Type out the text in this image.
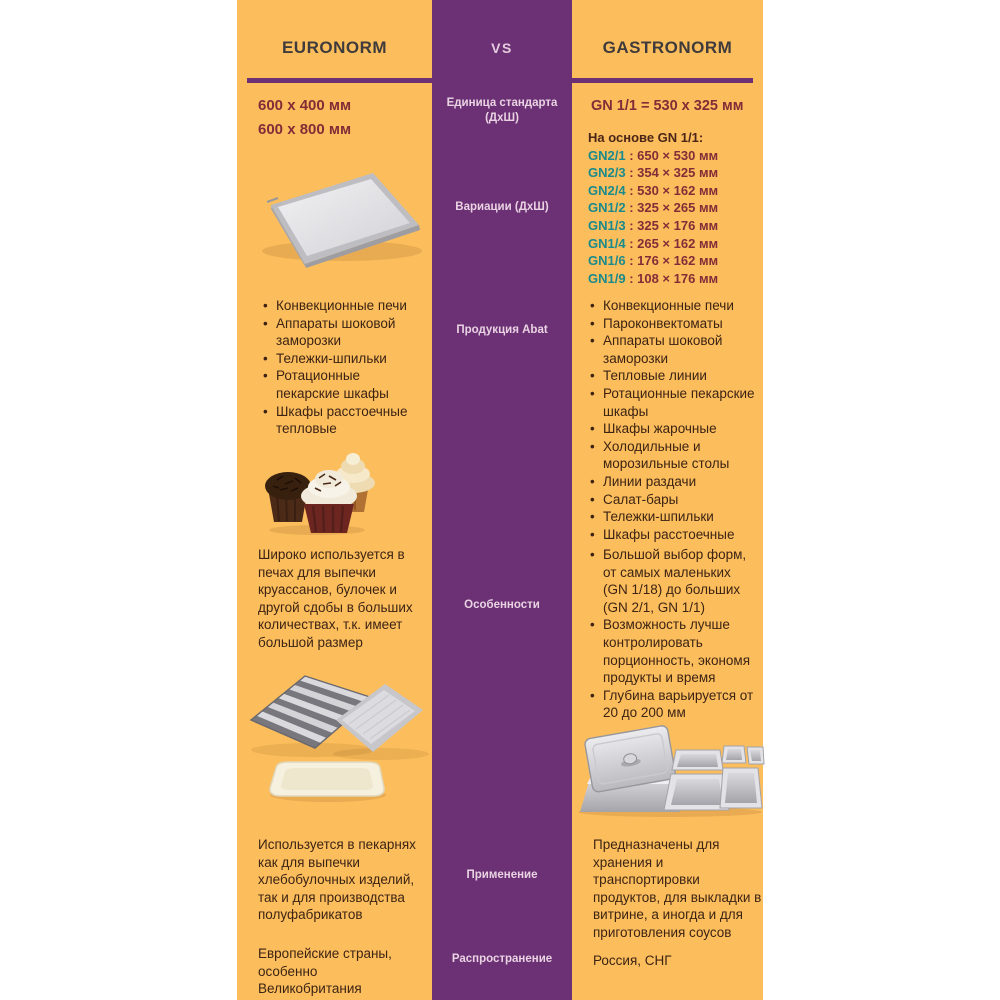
EURONORM	VS	GASTRONORM
Единица стандарта
(ДхШ)
Вариации (ДхШ)
Продукция Abat
Особенности
Применение
Распространение
600 x 400 мм
600 x 800 мм
GN 1/1 = 530 x 325 мм
На основе GN 1/1:
GN2/1 : 650 × 530 мм
GN2/3 : 354 × 325 мм
GN2/4 : 530 × 162 мм
GN1/2 : 325 × 265 мм
GN1/3 : 325 × 176 мм
GN1/4 : 265 × 162 мм
GN1/6 : 176 × 162 мм
GN1/9 : 108 × 176 мм
• Конвекционные печи
• Аппараты шоковой заморозки
• Тележки-шпильки
• Ротационные пекарские шкафы
• Шкафы расстоечные тепловые
• Конвекционные печи
• Пароконвектоматы
• Аппараты шоковой заморозки
• Тепловые линии
• Ротационные пекарские шкафы
• Шкафы жарочные
• Холодильные и морозильные столы
• Линии раздачи
• Салат-бары
• Тележки-шпильки
• Шкафы расстоечные
Широко используется в печах для выпечки круассанов, булочек и другой сдобы в больших количествах, т.к. имеет большой размер
• Большой выбор форм, от самых маленьких (GN 1/18) до больших (GN 2/1, GN 1/1)
• Возможность лучше контролировать порционность, экономя продукты и время
• Глубина варьируется от 20 до 200 мм
Используется в пекарнях как для выпечки хлебобулочных изделий, так и для производства полуфабрикатов
Предназначены для хранения и транспортировки продуктов, для выкладки в витрине, а иногда и для приготовления соусов
Европейские страны, особенно Великобритания
Россия, СНГ
